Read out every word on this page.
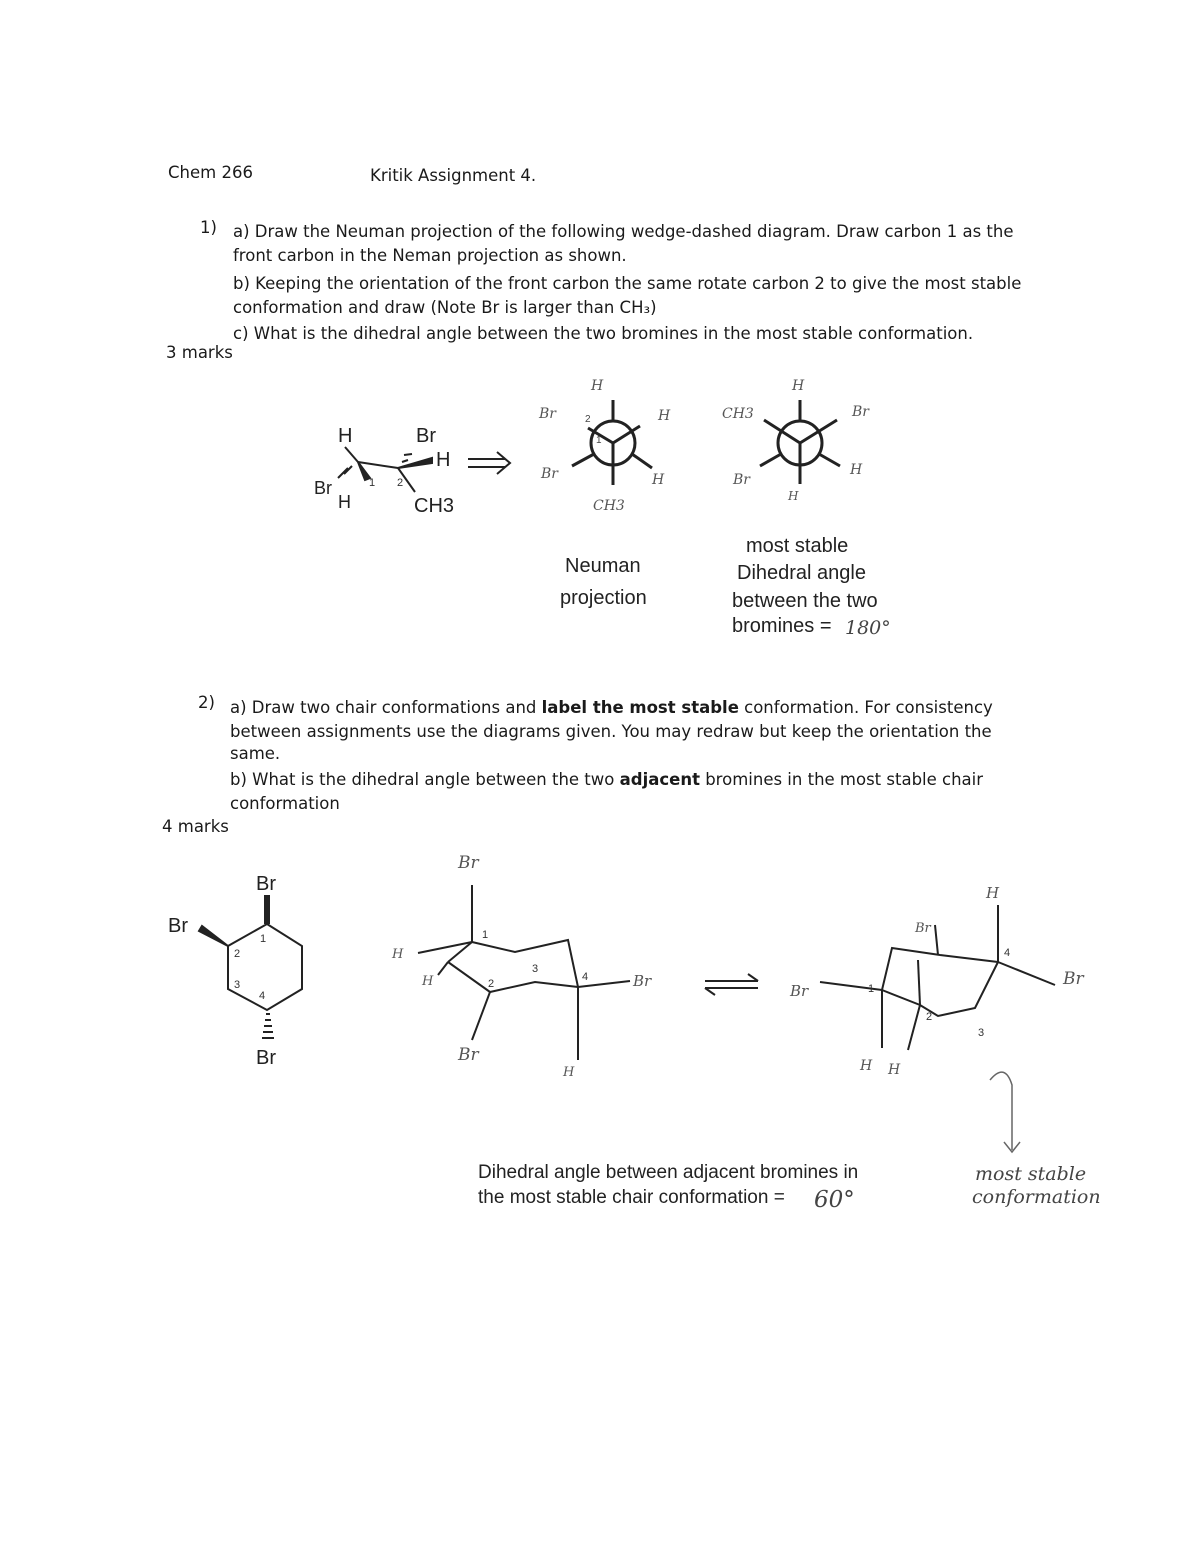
Chem 266	Kritik Assignment 4.
1) a) Draw the Neuman projection of the following wedge-dashed diagram. Draw carbon 1 as the
front carbon in the Neman projection as shown.
b) Keeping the orientation of the front carbon the same rotate carbon 2 to give the most stable
conformation and draw (Note Br is larger than CH₃)
c) What is the dihedral angle between the two bromines in the most stable conformation.
3 marks
Neuman
projection
most stable
Dihedral angle
between the two
bromines = 180°
2) a) Draw two chair conformations and label the most stable conformation. For consistency
between assignments use the diagrams given. You may redraw but keep the orientation the
same.
b) What is the dihedral angle between the two adjacent bromines in the most stable chair
conformation
4 marks
Dihedral angle between adjacent bromines in
the most stable chair conformation = 60°
most stable
conformation
H	Br
H
Br
H	CH3
1 2
H
Br	H
Br	H
CH3
1
2
H
CH3	Br
Br
H
H
Br
Br
Br
1
2
3
4
Br
H
H
Br
Br
H
1
2
3
4
Br
Br
H
Br
H H
1
2
3
4
